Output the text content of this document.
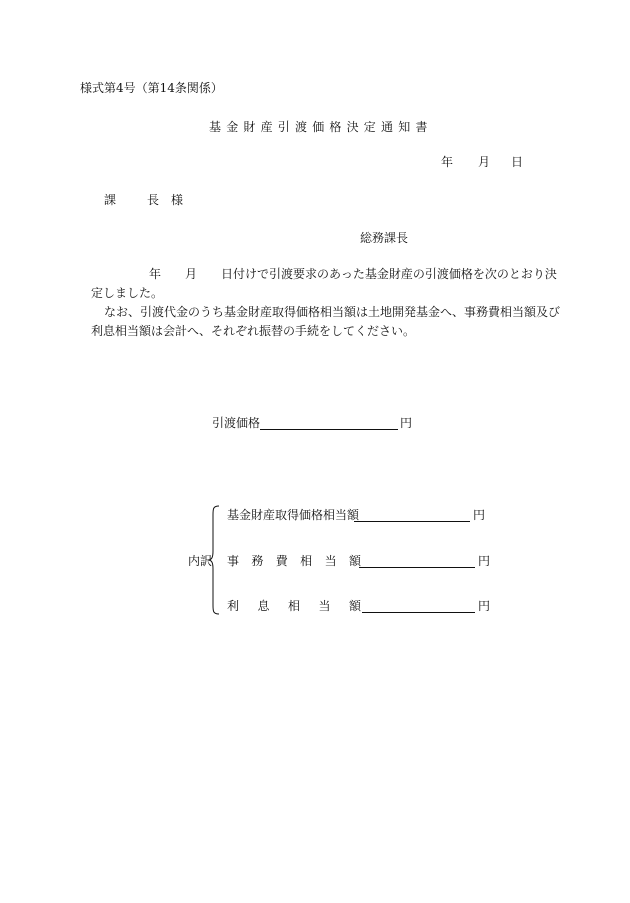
様式第4号（第14条関係）
基金財産引渡価格決定通知書
年 月 日
課	長 様
総務課長
年 月 日付けで引渡要求のあった基金財産の引渡価格を次のとおり決
定しました。
なお、引渡代金のうち基金財産取得価格相当額は土地開発基金へ、事務費相当額及び
利息相当額は会計へ、それぞれ振替の手続をしてください。
引渡価格	円
内訳
基金財産取得価格相当額	円
事 務 費 相 当 額	円
利 息 相 当 額	円
